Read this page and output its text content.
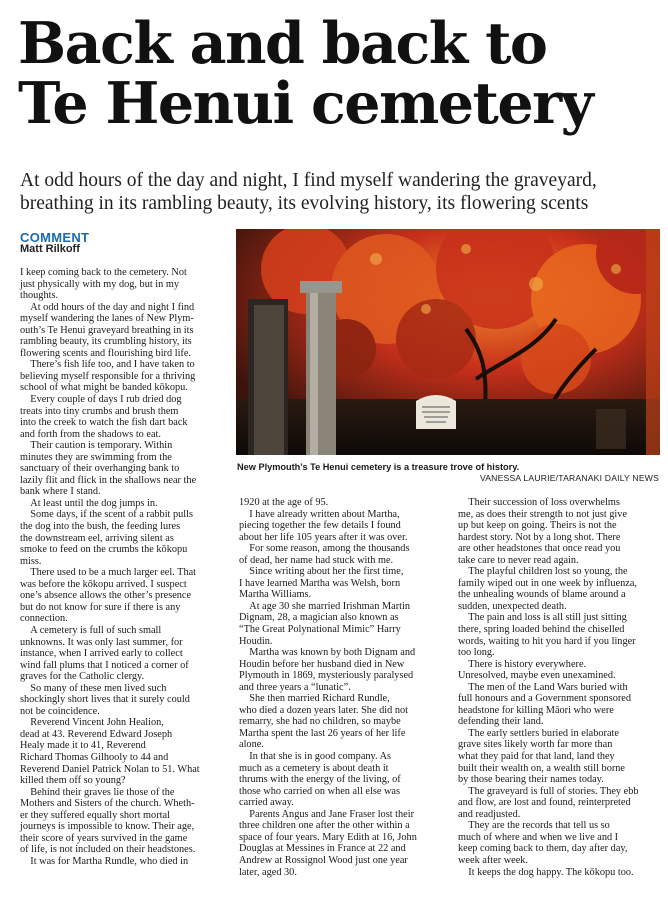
Back and back to
Te Henui cemetery
At odd hours of the day and night, I find myself wandering the graveyard,
breathing in its rambling beauty, its evolving history, its flowering scents
COMMENT
Matt Rilkoff
New Plymouth’s Te Henui cemetery is a treasure trove of history.
VANESSA LAURIE/TARANAKI DAILY NEWS

I keep coming back to the cemetery. Not
just physically with my dog, but in my
thoughts.

 At odd hours of the day and night I find
myself wandering the lanes of New Plym-
outh’s Te Henui graveyard breathing in its
rambling beauty, its crumbling history, its
flowering scents and flourishing bird life.

 There’s fish life too, and I have taken to
believing myself responsible for a thriving
school of what might be banded kōkopu.

 Every couple of days I rub dried dog
treats into tiny crumbs and brush them
into the creek to watch the fish dart back
and forth from the shadows to eat.

 Their caution is temporary. Within
minutes they are swimming from the
sanctuary of their overhanging bank to
lazily flit and flick in the shallows near the
bank where I stand.

 At least until the dog jumps in.

 Some days, if the scent of a rabbit pulls
the dog into the bush, the feeding lures
the downstream eel, arriving silent as
smoke to feed on the crumbs the kōkopu
miss.

 There used to be a much larger eel. That
was before the kōkopu arrived. I suspect
one’s absence allows the other’s presence
but do not know for sure if there is any
connection.

 A cemetery is full of such small
unknowns. It was only last summer, for
instance, when I arrived early to collect
wind fall plums that I noticed a corner of
graves for the Catholic clergy.

 So many of these men lived such
shockingly short lives that it surely could
not be coincidence.

 Reverend Vincent John Healion,
dead at 43. Reverend Edward Joseph
Healy made it to 41, Reverend
Richard Thomas Gilhooly to 44 and
Reverend Daniel Patrick Nolan to 51. What
killed them off so young?

 Behind their graves lie those of the
Mothers and Sisters of the church. Wheth-
er they suffered equally short mortal
journeys is impossible to know. Their age,
their score of years survived in the game
of life, is not included on their headstones.

 It was for Martha Rundle, who died in

1920 at the age of 95.

 I have already written about Martha,
piecing together the few details I found
about her life 105 years after it was over.

 For some reason, among the thousands
of dead, her name had stuck with me.

 Since writing about her the first time,
I have learned Martha was Welsh, born
Martha Williams.

 At age 30 she married Irishman Martin
Dignam, 28, a magician also known as
“The Great Polynational Mimic” Harry
Houdin.

 Martha was known by both Dignam and
Houdin before her husband died in New
Plymouth in 1869, mysteriously paralysed
and three years a “lunatic”.

 She then married Richard Rundle,
who died a dozen years later. She did not
remarry, she had no children, so maybe
Martha spent the last 26 years of her life
alone.

 In that she is in good company. As
much as a cemetery is about death it
thrums with the energy of the living, of
those who carried on when all else was
carried away.

 Parents Angus and Jane Fraser lost their
three children one after the other within a
space of four years. Mary Edith at 16, John
Douglas at Messines in France at 22 and
Andrew at Rossignol Wood just one year
later, aged 30.

 Their succession of loss overwhelms
me, as does their strength to not just give
up but keep on going. Theirs is not the
hardest story. Not by a long shot. There
are other headstones that once read you
take care to never read again.

 The playful children lost so young, the
family wiped out in one week by influenza,
the unhealing wounds of blame around a
sudden, unexpected death.

 The pain and loss is all still just sitting
there, spring loaded behind the chiselled
words, waiting to hit you hard if you linger
too long.

 There is history everywhere.
Unresolved, maybe even unexamined.

 The men of the Land Wars buried with
full honours and a Government sponsored
headstone for killing Māori who were
defending their land.

 The early settlers buried in elaborate
grave sites likely worth far more than
what they paid for that land, land they
built their wealth on, a wealth still borne
by those bearing their names today.

 The graveyard is full of stories. They ebb
and flow, are lost and found, reinterpreted
and readjusted.

 They are the records that tell us so
much of where and when we live and I
keep coming back to them, day after day,
week after week.

 It keeps the dog happy. The kōkopu too.
